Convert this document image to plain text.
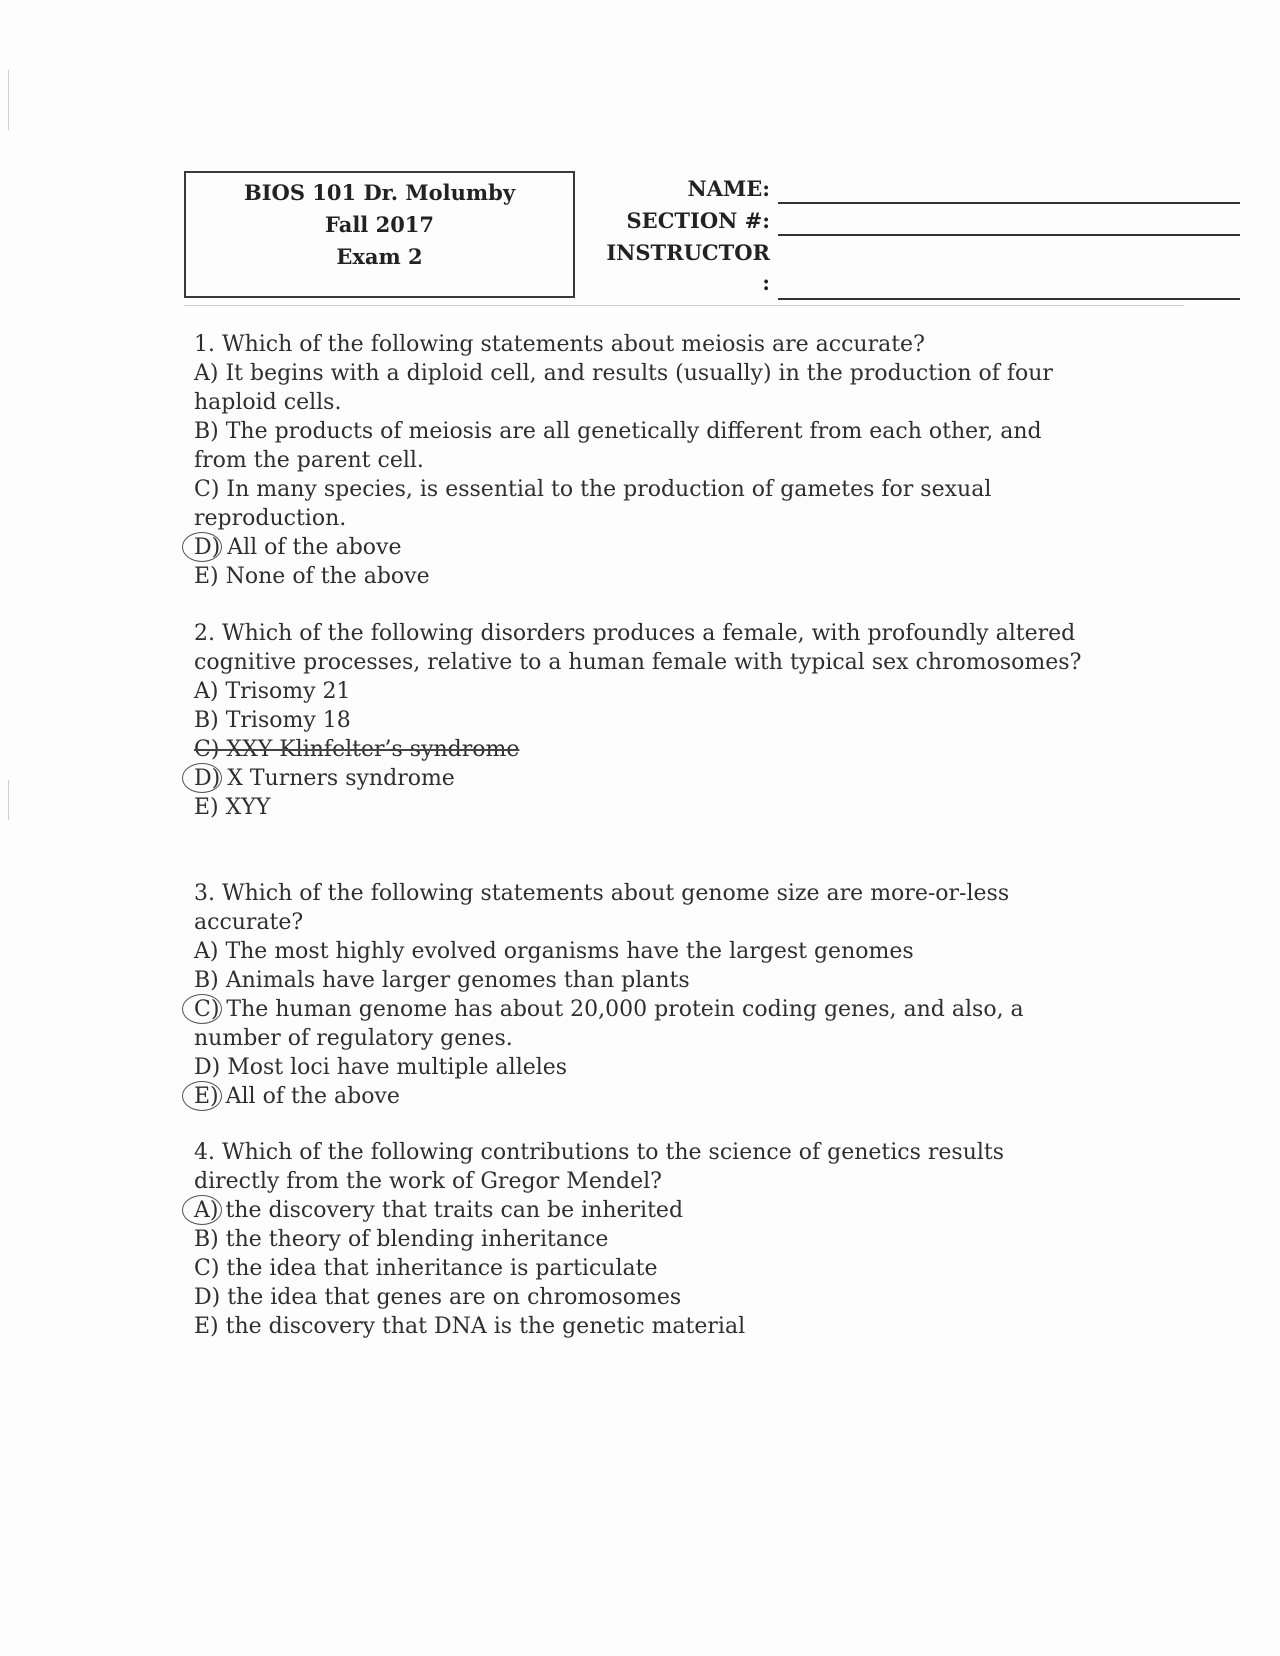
BIOS 101 Dr. Molumby
Fall 2017
Exam 2
NAME:
SECTION #:
INSTRUCTOR
:

1. Which of the following statements about meiosis are accurate?

A) It begins with a diploid cell, and results (usually) in the production of four haploid cells.

B) The products of meiosis are all genetically different from each other, and from the parent cell.

C) In many species, is essential to the production of gametes for sexual reproduction.

D) All of the above

E) None of the above

2. Which of the following disorders produces a female, with profoundly altered cognitive processes, relative to a human female with typical sex chromosomes?

A) Trisomy 21

B) Trisomy 18

C) XXY Klinfelter’s syndrome

D) X Turners syndrome

E) XYY

3. Which of the following statements about genome size are more-or-less accurate?

A) The most highly evolved organisms have the largest genomes

B) Animals have larger genomes than plants

C) The human genome has about 20,000 protein coding genes, and also, a number of regulatory genes.

D) Most loci have multiple alleles

E) All of the above

4. Which of the following contributions to the science of genetics results directly from the work of Gregor Mendel?

A) the discovery that traits can be inherited

B) the theory of blending inheritance

C) the idea that inheritance is particulate

D) the idea that genes are on chromosomes

E) the discovery that DNA is the genetic material
